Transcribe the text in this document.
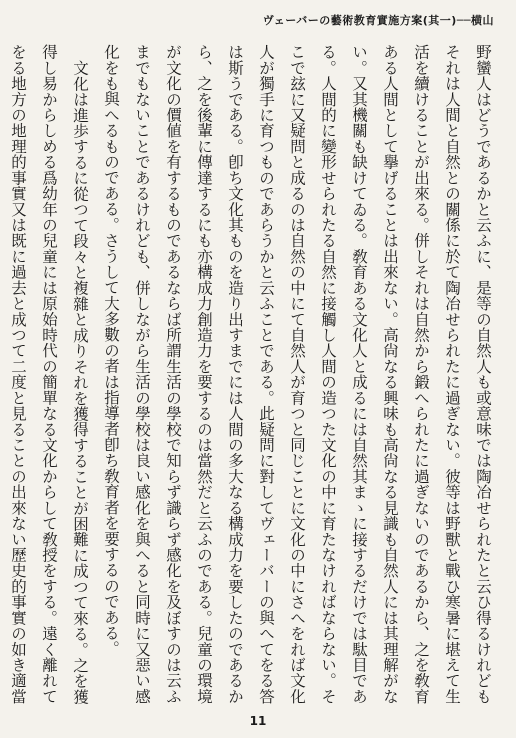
ヴェーバーの藝術教育實施方案(其一)──横山

野蠻人はどうであるかと云ふに、是等の自然人も或意味では陶冶せられたと云ひ得るけれどもそれは人間と自然との關係に於て陶冶せられたに過ぎない。彼等は野獸と戰ひ寒暑に堪えて生活を續けることが出來る。併しそれは自然から鍛へられたに過ぎないのであるから、之を敎育ある人間として擧げることは出來ない。高尙なる興味も高尙なる見識も自然人には其理解がない。又其機關も缺けてゐる。敎育ある文化人と成るには自然其まゝに接するだけでは駄目である。人間的に變形せられたる自然に接觸し人間の造つた文化の中に育たなければならない。そこで玆に又疑問と成るのは自然の中にて自然人が育つと同じことに文化の中にさへをれば文化人が獨手に育つものであらうかと云ふことである。此疑問に對してヴェーバーの與へてをる答は斯うである。卽ち文化其ものを造り出すまでには人間の多大なる構成力を要したのであるから、之を後輩に傳達するにも亦構成力創造力を要するのは當然だと云ふのである。兒童の環境が文化の價値を有するものであるならば所謂生活の學校で知らず識らず感化を及ぼすのは云ふまでもないことであるけれども、併しながら生活の學校は良い感化を與へると同時に又惡い感化をも與へるものである。さうして大多數の者は指導者卽ち敎育者を要するのである。

文化は進歩するに從つて段々と複雜と成りそれを獲得することが困難に成つて來る。之を獲得し易からしめる爲幼年の兒童には原始時代の簡單なる文化からして敎授をする。遠く離れてをる地方の地理的事實又は既に過去と成つて二度と見ることの出來ない歷史的事實の如き適當

11
